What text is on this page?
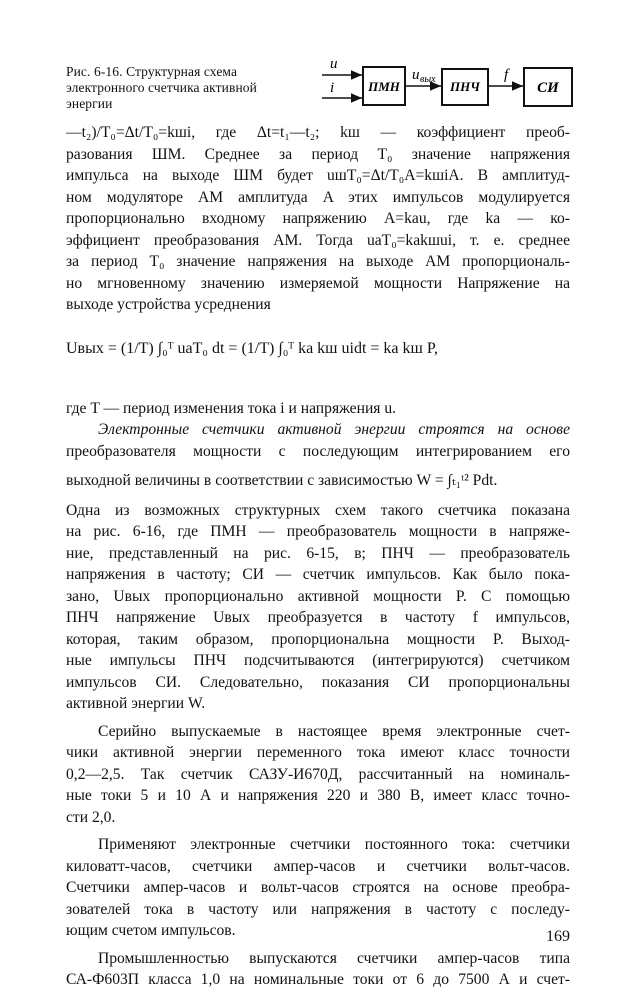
Рис. 6-16. Структурная схема
электронного счетчика активной
энергии
u
i	ПМН
u вых ПНЧ
f
СИ
—t₂)/T₀=Δt/T₀=kшi, где Δt=t₁—t₂; kш — коэффициент преоб-
разования ШМ. Среднее за период T₀ значение напряжения
импульса на выходе ШМ будет uшT₀=Δt/T₀A=kшiA. В амплитуд-
ном модуляторе АМ амплитуда A этих импульсов модулируется
пропорционально входному напряжению A=kаu, где kа — ко-
эффициент преобразования АМ. Тогда uаT₀=kаkшui, т. е. среднее
за период T₀ значение напряжения на выходе АМ пропорциональ-
но мгновенному значению измеряемой мощности Напряжение на
выходе устройства усреднения
Uвых = (1/T) ∫₀ᵀ uаT₀ dt = (1/T) ∫₀ᵀ kа kш uidt = kа kш P,
где T — период изменения тока i и напряжения u.
Электронные счетчики активной энергии строятся на основе
преобразователя мощности с последующим интегрированием его
выходной величины в соответствии с зависимостью W = ∫ₜ₁ᵗ² Pdt.
Одна из возможных структурных схем такого счетчика показана
на рис. 6-16, где ПМН — преобразователь мощности в напряже-
ние, представленный на рис. 6-15, в; ПНЧ — преобразователь
напряжения в частоту; СИ — счетчик импульсов. Как было пока-
зано, Uвых пропорционально активной мощности P. С помощью
ПНЧ напряжение Uвых преобразуется в частоту f импульсов,
которая, таким образом, пропорциональна мощности P. Выход-
ные импульсы ПНЧ подсчитываются (интегрируются) счетчиком
импульсов СИ. Следовательно, показания СИ пропорциональны
активной энергии W.
Серийно выпускаемые в настоящее время электронные счет-
чики активной энергии переменного тока имеют класс точности
0,2—2,5. Так счетчик САЗУ-И670Д, рассчитанный на номиналь-
ные токи 5 и 10 А и напряжения 220 и 380 В, имеет класс точно-
сти 2,0.
Применяют электронные счетчики постоянного тока: счетчики
киловатт-часов, счетчики ампер-часов и счетчики вольт-часов.
Счетчики ампер-часов и вольт-часов строятся на основе преобра-
зователей тока в частоту или напряжения в частоту с последу-
ющим счетом импульсов.
Промышленностью выпускаются счетчики ампер-часов типа
СА-Ф603П класса 1,0 на номинальные токи от 6 до 7500 А и счет-
169
